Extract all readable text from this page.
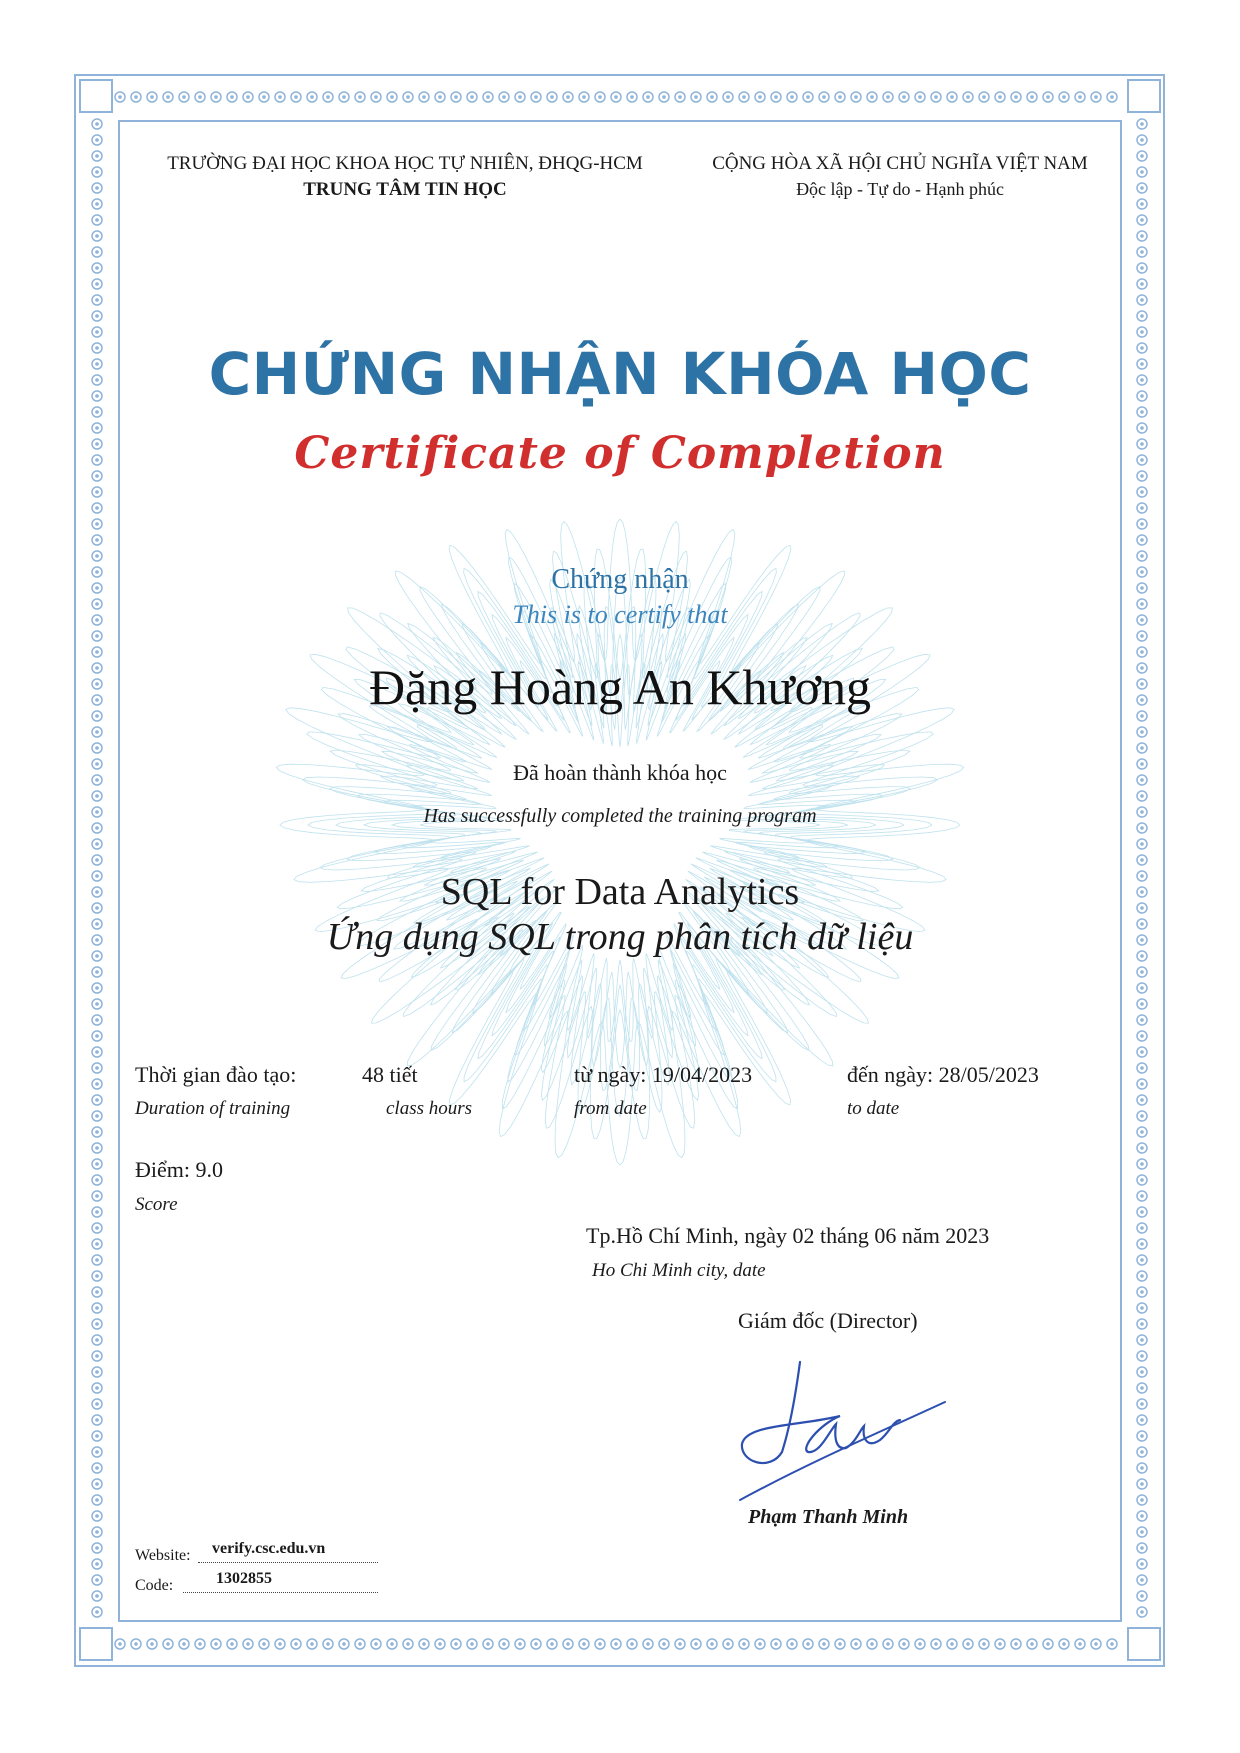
TRƯỜNG ĐẠI HỌC KHOA HỌC TỰ NHIÊN, ĐHQG-HCM
TRUNG TÂM TIN HỌC
CỘNG HÒA XÃ HỘI CHỦ NGHĨA VIỆT NAM
Độc lập - Tự do - Hạnh phúc
CHỨNG NHẬN KHÓA HỌC
Certificate of Completion
Chứng nhận
This is to certify that
Đặng Hoàng An Khương
Đã hoàn thành khóa học
Has successfully completed the training program
SQL for Data Analytics
Ứng dụng SQL trong phân tích dữ liệu
Thời gian đào tạo:
Duration of training
48 tiết
class hours
từ ngày: 19/04/2023
from date
đến ngày: 28/05/2023
to date
Điểm: 9.0
Score
Tp.Hồ Chí Minh, ngày 02 tháng 06 năm 2023
Ho Chi Minh city, date
Giám đốc (Director)
Phạm Thanh Minh
Website: verify.csc.edu.vn
Code:	1302855
